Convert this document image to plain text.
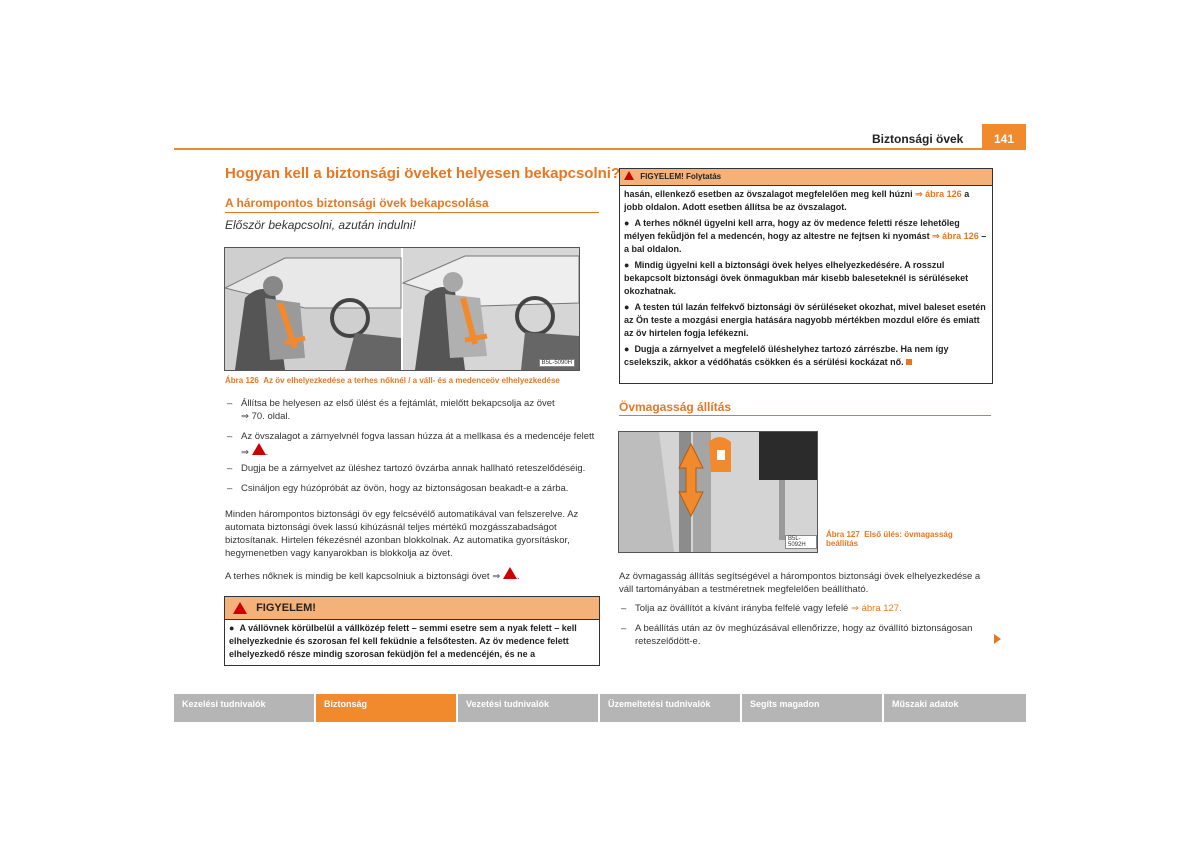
Biztonsági övek	141
Hogyan kell a biztonsági öveket helyesen bekapcsolni?
A hárompontos biztonsági övek bekapcsolása
Először bekapcsolni, azután indulni!
B5L-5090H
Ábra 126 Az öv elhelyezkedése a terhes nőknél / a váll- és a medenceöv elhelyezkedése
– Állítsa be helyesen az első ülést és a fejtámlát, mielőtt bekapcsolja az övet
⇒ 70. oldal.
– Az övszalagot a zárnyelvnél fogva lassan húzza át a mellkasa és a medencéje felett
⇒ .
– Dugja be a zárnyelvet az üléshez tartozó övzárba annak hallható reteszelődéséig.
– Csináljon egy húzópróbát az övön, hogy az biztonságosan beakadt-e a zárba.
Minden hárompontos biztonsági öv egy felcsévélő automatikával van felszerelve. Az automata biztonsági övek lassú kihúzásnál teljes mértékű mozgásszabadságot biztosítanak. Hirtelen fékezésnél azonban blokkolnak. Az automatika gyorsításkor, hegymenetben vagy kanyarokban is blokkolja az övet.
A terhes nőknek is mindig be kell kapcsolniuk a biztonsági övet ⇒ .
FIGYELEM!
● A vállövnek körülbelül a vállközép felett – semmi esetre sem a nyak felett – kell elhelyezkednie és szorosan fel kell feküdnie a felsőtesten. Az öv medence felett elhelyezkedő része mindig szorosan feküdjön fel a medencéjén, és ne a
FIGYELEM! Folytatás
hasán, ellenkező esetben az övszalagot megfelelően meg kell húzni ⇒ ábra 126 a jobb oldalon. Adott esetben állítsa be az övszalagot.
●  A terhes nőknél ügyelni kell arra, hogy az öv medence feletti része lehetőleg mélyen fekü̈djön fel a medencén, hogy az altestre ne fejtsen ki nyomást ⇒ ábra 126 – a bal oldalon.
●  Mindig ügyelni kell a biztonsági övek helyes elhelyezkedésére. A rosszul bekapcsolt biztonsági övek önmagukban már kisebb baleseteknél is sérüléseket okozhatnak.
●  A testen túl lazán felfekvő biztonsági öv sérüléseket okozhat, mivel baleset esetén az Ön teste a mozgási energia hatására nagyobb mértékben mozdul előre és emiatt az öv hirtelen fogja lefékezni.
●  Dugja a zárnyelvet a megfelelő üléshelyhez tartozó zárrészbe. Ha nem így cselekszik, akkor a védőhatás csökken és a sérülési kockázat nő.
Övmagasság állítás
B5L-5092H
Ábra 127 Első ülés: övmagasság beállítás
Az övmagasság állítás segítségével a hárompontos biztonsági övek elhelyezkedése a váll tartományában a testméretnek megfelelően beállítható.
– Tolja az övállítót a kívánt irányba felfelé vagy lefelé ⇒ ábra 127.
– A beállítás után az öv meghúzásával ellenőrizze, hogy az övállító biztonságosan reteszelődött-e.
Kezelési tudnivalók	Biztonság	Vezetési tudnivalók	Üzemeltetési tudnivalók	Segíts magadon	Műszaki adatok
